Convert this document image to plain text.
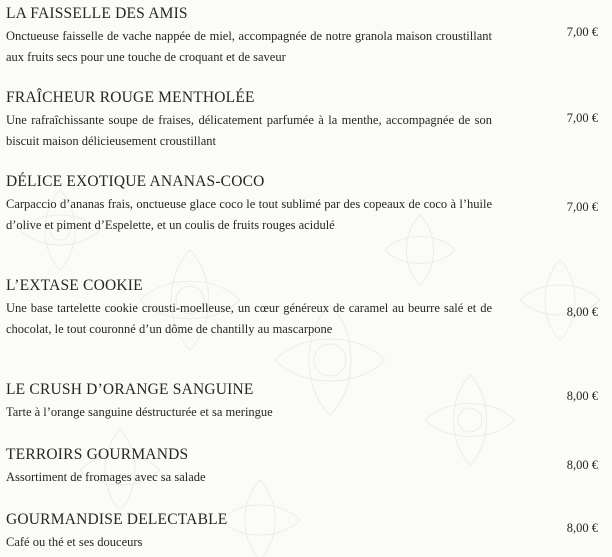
LA FAISSELLE DES AMIS
Onctueuse faisselle de vache nappée de miel, accompagnée de notre granola maison croustillant aux fruits secs pour une touche de croquant et de saveur
7,00 €
FRAÎCHEUR ROUGE MENTHOLÉE
Une rafraîchissante soupe de fraises, délicatement parfumée à la menthe, accompagnée de son biscuit maison délicieusement croustillant
7,00 €
DÉLICE EXOTIQUE ANANAS-COCO
Carpaccio d’ananas frais, onctueuse glace coco le tout sublimé par des copeaux de coco à l’huile d’olive et piment d’Espelette, et un coulis de fruits rouges acidulé
7,00 €
L’EXTASE COOKIE
Une base tartelette cookie crousti-moelleuse, un cœur généreux de caramel au beurre salé et de chocolat, le tout couronné d’un dôme de chantilly au mascarpone
8,00 €
LE CRUSH D’ORANGE SANGUINE
Tarte à l’orange sanguine déstructurée et sa meringue
8,00 €
TERROIRS GOURMANDS
Assortiment de fromages avec sa salade
8,00 €
GOURMANDISE DELECTABLE
Café ou thé et ses douceurs
8,00 €
